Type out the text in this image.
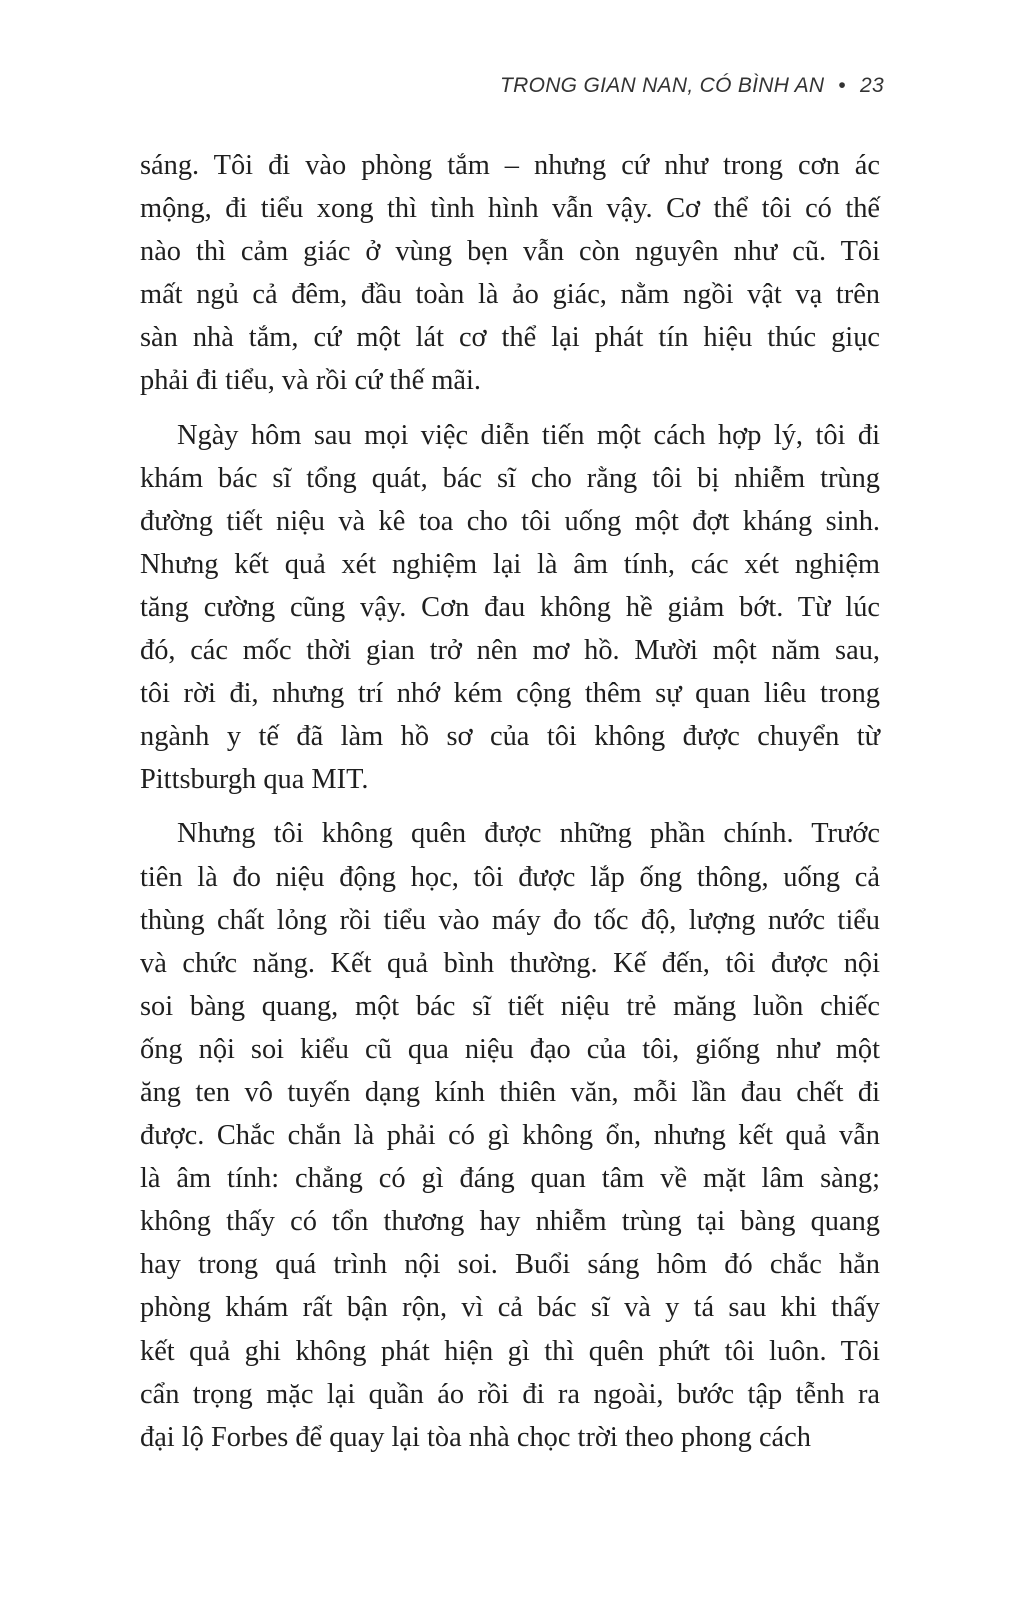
TRONG GIAN NAN, CÓ BÌNH AN • 23

sáng. Tôi đi vào phòng tắm – nhưng cứ như trong cơn ác
mộng, đi tiểu xong thì tình hình vẫn vậy. Cơ thể tôi có thế
nào thì cảm giác ở vùng bẹn vẫn còn nguyên như cũ. Tôi
mất ngủ cả đêm, đầu toàn là ảo giác, nằm ngồi vật vạ trên
sàn nhà tắm, cứ một lát cơ thể lại phát tín hiệu thúc giục
phải đi tiểu, và rồi cứ thế mãi.

Ngày hôm sau mọi việc diễn tiến một cách hợp lý, tôi đi
khám bác sĩ tổng quát, bác sĩ cho rằng tôi bị nhiễm trùng
đường tiết niệu và kê toa cho tôi uống một đợt kháng sinh.
Nhưng kết quả xét nghiệm lại là âm tính, các xét nghiệm
tăng cường cũng vậy. Cơn đau không hề giảm bớt. Từ lúc
đó, các mốc thời gian trở nên mơ hồ. Mười một năm sau,
tôi rời đi, nhưng trí nhớ kém cộng thêm sự quan liêu trong
ngành y tế đã làm hồ sơ của tôi không được chuyển từ
Pittsburgh qua MIT.

Nhưng tôi không quên được những phần chính. Trước
tiên là đo niệu động học, tôi được lắp ống thông, uống cả
thùng chất lỏng rồi tiểu vào máy đo tốc độ, lượng nước tiểu
và chức năng. Kết quả bình thường. Kế đến, tôi được nội
soi bàng quang, một bác sĩ tiết niệu trẻ măng luồn chiếc
ống nội soi kiểu cũ qua niệu đạo của tôi, giống như một
ăng ten vô tuyến dạng kính thiên văn, mỗi lần đau chết đi
được. Chắc chắn là phải có gì không ổn, nhưng kết quả vẫn
là âm tính: chẳng có gì đáng quan tâm về mặt lâm sàng;
không thấy có tổn thương hay nhiễm trùng tại bàng quang
hay trong quá trình nội soi. Buổi sáng hôm đó chắc hẳn
phòng khám rất bận rộn, vì cả bác sĩ và y tá sau khi thấy
kết quả ghi không phát hiện gì thì quên phứt tôi luôn. Tôi
cẩn trọng mặc lại quần áo rồi đi ra ngoài, bước tập tễnh ra
đại lộ Forbes để quay lại tòa nhà chọc trời theo phong cách
